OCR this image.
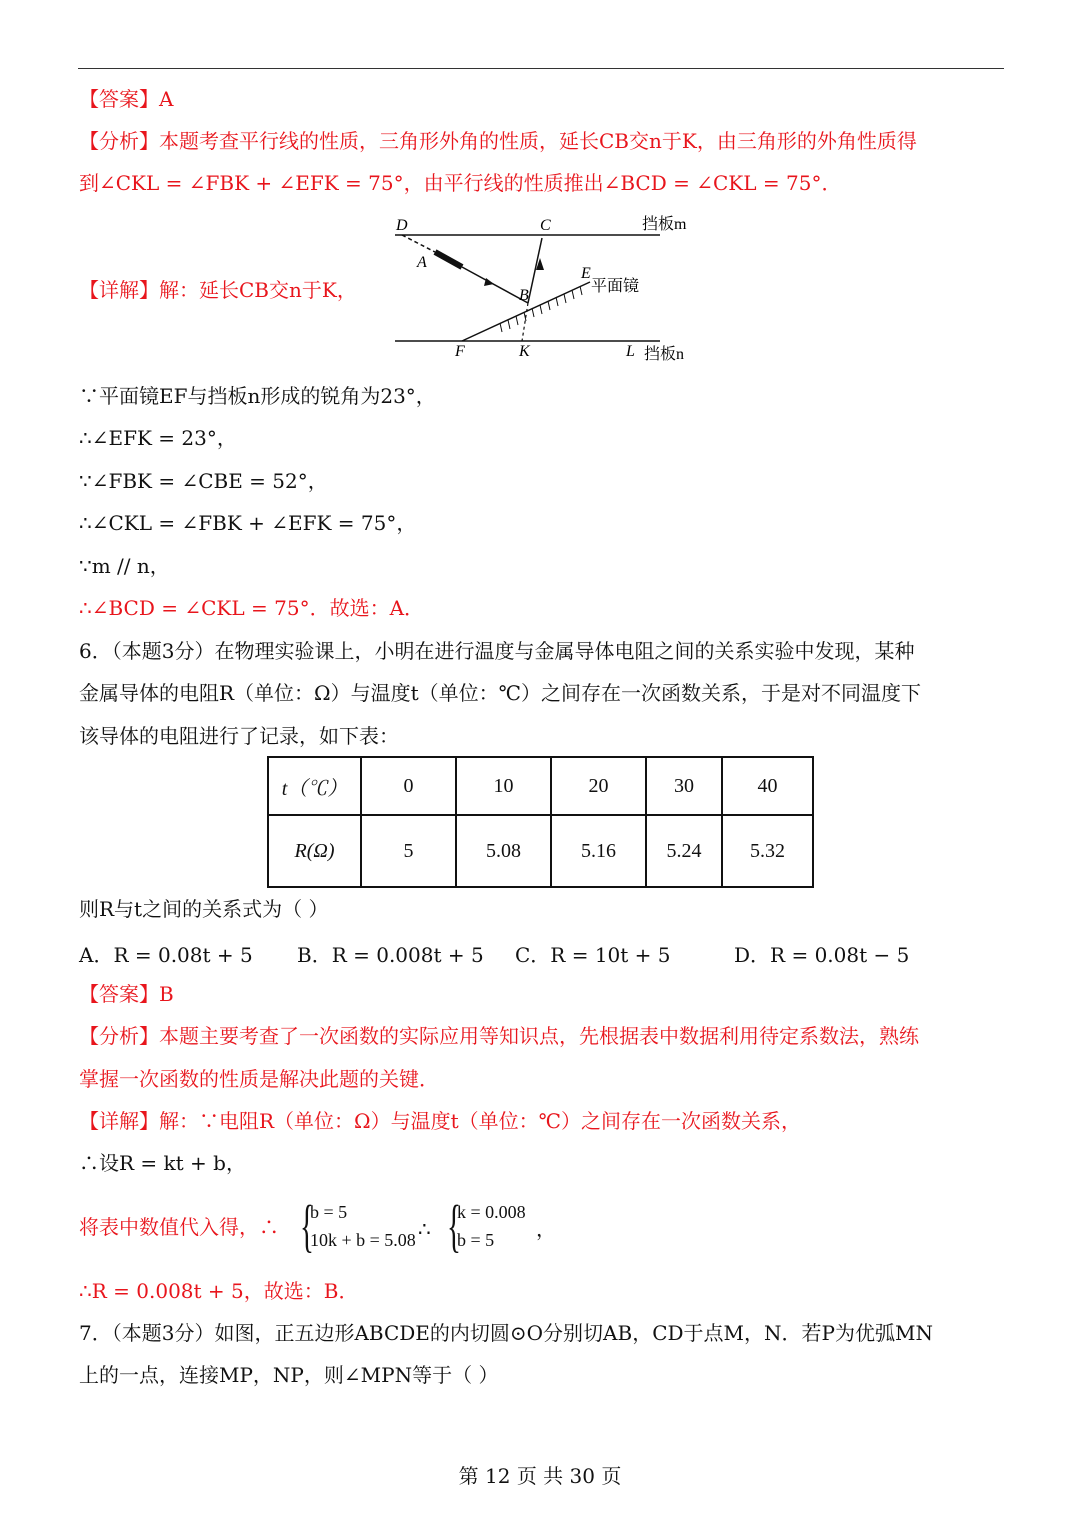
【答案】A
【分析】本题考查平行线的性质，三角形外角的性质，延长CB交n于K，由三角形的外角性质得
到∠CKL = ∠FBK + ∠EFK = 75°，由平行线的性质推出∠BCD = ∠CKL = 75°．
【详解】解：延长CB交n于K，
D	C	挡板m
A
E
平面镜
B
F	K	L 挡板n
∵平面镜EF与挡板n形成的锐角为23°，
∴∠EFK = 23°，
∵∠FBK = ∠CBE = 52°，
∴∠CKL = ∠FBK + ∠EFK = 75°，
∵m // n，
∴∠BCD = ∠CKL = 75°．故选：A．
6．（本题3分）在物理实验课上，小明在进行温度与金属导体电阻之间的关系实验中发现，某种
金属导体的电阻R（单位：Ω）与温度t（单位：℃）之间存在一次函数关系，于是对不同温度下
该导体的电阻进行了记录，如下表：
t（℃）	0	10	20	30	40
R(Ω)	5	5.08	5.16	5.24	5.32
则R与t之间的关系式为（ ）
A．R = 0.08t + 5 B．R = 0.008t + 5 C．R = 10t + 5	D．R = 0.08t − 5
【答案】B
【分析】本题主要考查了一次函数的实际应用等知识点，先根据表中数据利用待定系数法，熟练
掌握一次函数的性质是解决此题的关键．
【详解】解：∵电阻R（单位：Ω）与温度t（单位：℃）之间存在一次函数关系，
∴设R = kt + b，
将表中数值代入得，∴ {
b = 5
10k + b = 5.08 ∴ {
k = 0.008
b = 5 ，
∴R = 0.008t + 5，故选：B．
7．（本题3分）如图，正五边形ABCDE的内切圆⊙O分别切AB，CD于点M，N．若P为优弧MN
上的一点，连接MP，NP，则∠MPN等于（ ）
第 12 页 共 30 页
